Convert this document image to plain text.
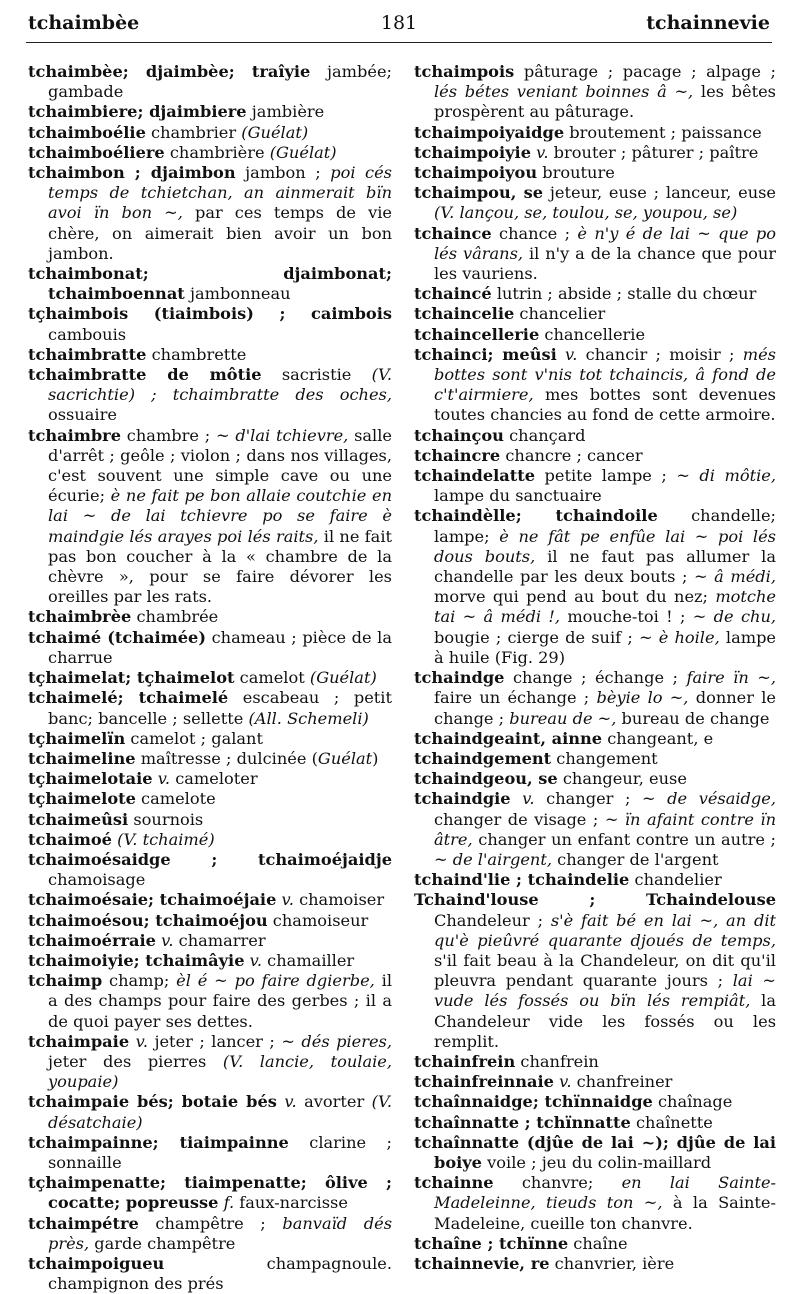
tchaimbèe	181	tchainnevie

tchaimbèe; djaimbèe; traîyie jambée; gambade

tchaimbiere; djaimbiere jambière

tchaimboélie chambrier (Guélat)

tchaimboéliere chambrière (Guélat)

tchaimbon ; djaimbon jambon ; poi cés temps de tchietchan, an ainmerait bïn avoi ïn bon ~, par ces temps de vie chère, on aimerait bien avoir un bon jambon.

tchaimbonat; djaimbonat; tchaimboennat jambonneau

tçhaimbois (tiaimbois) ; caimbois cambouis

tchaimbratte chambrette

tchaimbratte de môtie sacristie (V. sacrichtie) ; tchaimbratte des oches, ossuaire

tchaimbre chambre ; ~ d'lai tchievre, salle d'arrêt ; geôle ; violon ; dans nos villages, c'est souvent une simple cave ou une écurie; è ne fait pe bon allaie coutchie en lai ~ de lai tchievre po se faire è maindgie lés arayes poi lés raits, il ne fait pas bon coucher à la « chambre de la chèvre », pour se faire dévorer les oreilles par les rats.

tchaimbrèe chambrée

tchaimé (tchaimée) chameau ; pièce de la charrue

tçhaimelat; tçhaimelot camelot (Guélat)

tchaimelé; tchaimelé escabeau ; petit banc; bancelle ; sellette (All. Schemeli)

tçhaimelïn camelot ; galant

tchaimeline maîtresse ; dulcinée (Guélat)

tçhaimelotaie v. cameloter

tçhaimelote camelote

tchaimeûsi sournois

tchaimoé (V. tchaimé)

tchaimoésaidge ; tchaimoéjaidje chamoisage

tchaimoésaie; tchaimoéjaie v. chamoiser

tchaimoésou; tchaimoéjou chamoiseur

tchaimoérraie v. chamarrer

tchaimoiyie; tchaimâyie v. chamailler

tchaimp champ; èl é ~ po faire dgierbe, il a des champs pour faire des gerbes ; il a de quoi payer ses dettes.

tchaimpaie v. jeter ; lancer ; ~ dés pieres, jeter des pierres (V. lancie, toulaie, youpaie)

tchaimpaie bés; botaie bés v. avorter (V. désatchaie)

tchaimpainne; tiaimpainne clarine ; sonnaille

tçhaimpenatte; tiaimpenatte; ôlive ; cocatte; popreusse f. faux-narcisse

tchaimpétre champêtre ; banvaïd dés près, garde champêtre

tchaimpoigueu champagnoule. champignon des prés

tchaimpois pâturage ; pacage ; alpage ; lés bétes veniant boinnes â ~, les bêtes prospèrent au pâturage.

tchaimpoiyaidge broutement ; paissance

tchaimpoiyie v. brouter ; pâturer ; paître

tchaimpoiyou brouture

tchaimpou, se jeteur, euse ; lanceur, euse (V. lançou, se, toulou, se, youpou, se)

tchaince chance ; è n'y é de lai ~ que po lés vârans, il n'y a de la chance que pour les vauriens.

tchaincé lutrin ; abside ; stalle du chœur

tchaincelie chancelier

tchaincellerie chancellerie

tchainci; meûsi v. chancir ; moisir ; més bottes sont v'nis tot tchaincis, â fond de c't'airmiere, mes bottes sont devenues toutes chancies au fond de cette armoire.

tchainçou chançard

tchaincre chancre ; cancer

tchaindelatte petite lampe ; ~ di môtie, lampe du sanctuaire

tchaindèlle; tchaindoile chandelle; lampe; è ne fât pe enfûe lai ~ poi lés dous bouts, il ne faut pas allumer la chandelle par les deux bouts ; ~ â médi, morve qui pend au bout du nez; motche tai ~ â médi !, mouche-toi ! ; ~ de chu, bougie ; cierge de suif ; ~ è hoile, lampe à huile (Fig. 29)

tchaindge change ; échange ; faire ïn ~, faire un échange ; bèyie lo ~, donner le change ; bureau de ~, bureau de change

tchaindgeaint, ainne changeant, e

tchaindgement changement

tchaindgeou, se changeur, euse

tchaindgie v. changer ; ~ de vésaidge, changer de visage ; ~ ïn afaint contre ïn âtre, changer un enfant contre un autre ; ~ de l'airgent, changer de l'argent

tchaind'lie ; tchaindelie chandelier

Tchaind'louse ; Tchaindelouse Chandeleur ; s'è fait bé en lai ~, an dit qu'è pieûvré quarante djoués de temps, s'il fait beau à la Chandeleur, on dit qu'il pleuvra pendant quarante jours ; lai ~ vude lés fossés ou bïn lés rempiât, la Chandeleur vide les fossés ou les remplit.

tchainfrein chanfrein

tchainfreinnaie v. chanfreiner

tchaînnaidge; tchïnnaidge chaînage

tchaînnatte ; tchïnnatte chaînette

tchaînnatte (djûe de lai ~); djûe de lai boiye voile ; jeu du colin-maillard

tchainne chanvre; en lai Sainte-Madeleinne, tieuds ton ~, à la Sainte-Madeleine, cueille ton chanvre.

tchaîne ; tchïnne chaîne

tchainnevie, re chanvrier, ière
